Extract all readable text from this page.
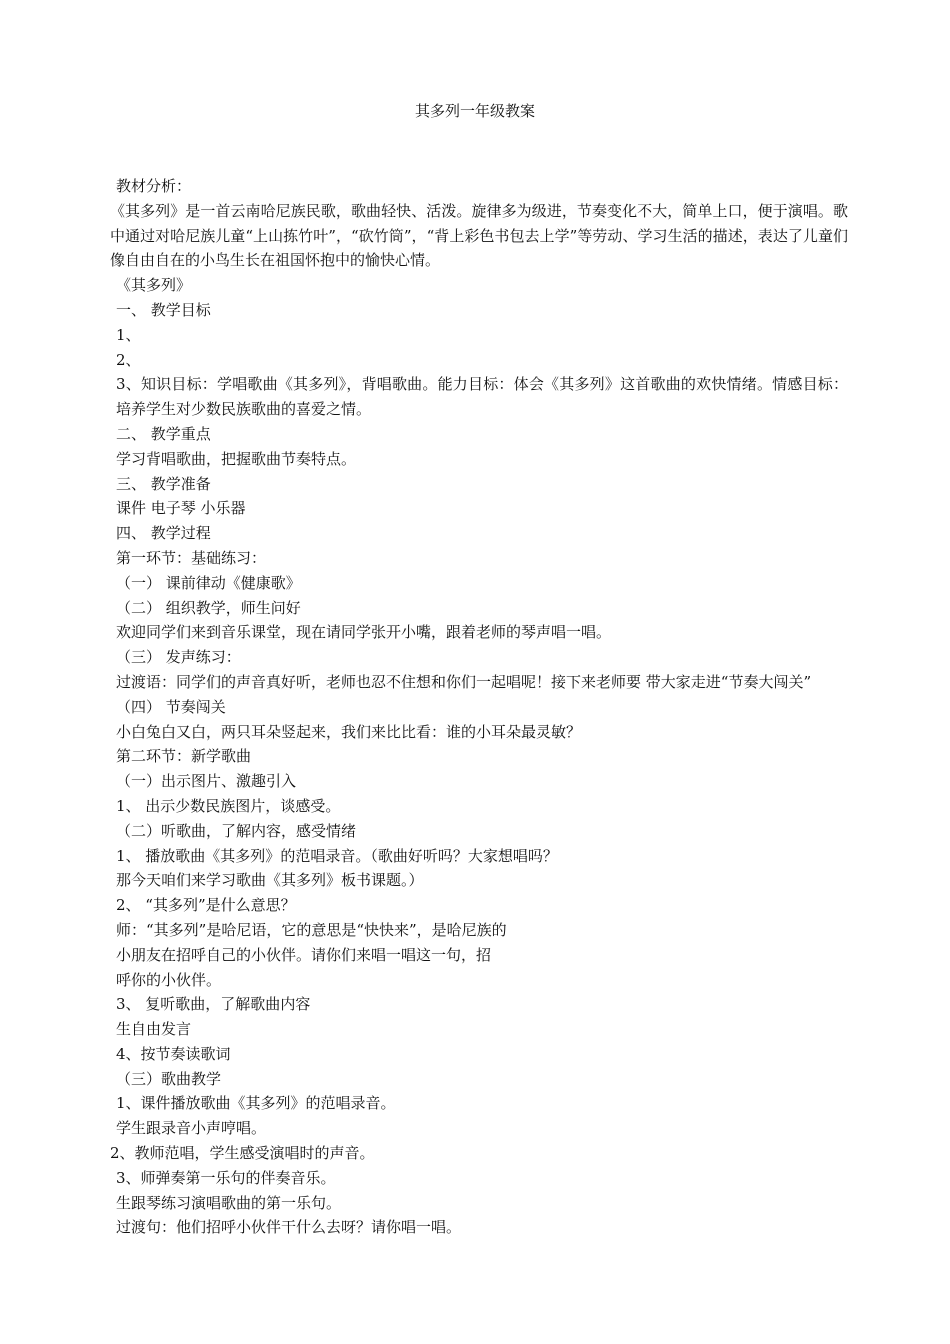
其多列一年级教案
教材分析：
《其多列》是一首云南哈尼族民歌，歌曲轻快、活泼。旋律多为级进，节奏变化不大，简单上口，便于演唱。歌中通过对哈尼族儿童“上山拣竹叶”，“砍竹筒”，“背上彩色书包去上学”等劳动、学习生活的描述，表达了儿童们像自由自在的小鸟生长在祖国怀抱中的愉快心情。
《其多列》
一、 教学目标
1、
2、
3、知识目标：学唱歌曲《其多列》，背唱歌曲。能力目标：体会《其多列》这首歌曲的欢快情绪。情感目标：培养学生对少数民族歌曲的喜爱之情。
二、 教学重点
学习背唱歌曲，把握歌曲节奏特点。
三、 教学准备
课件 电子琴 小乐器
四、 教学过程
第一环节：基础练习：
（一） 课前律动《健康歌》
（二） 组织教学，师生问好
欢迎同学们来到音乐课堂，现在请同学张开小嘴，跟着老师的琴声唱一唱。
（三） 发声练习：
过渡语：同学们的声音真好听，老师也忍不住想和你们一起唱呢！接下来老师要 带大家走进“节奏大闯关”
（四） 节奏闯关
小白兔白又白，两只耳朵竖起来，我们来比比看：谁的小耳朵最灵敏？
第二环节：新学歌曲
（一）出示图片、激趣引入
1、 出示少数民族图片，谈感受。
（二）听歌曲，了解内容，感受情绪
1、 播放歌曲《其多列》的范唱录音。（歌曲好听吗？大家想唱吗？
那今天咱们来学习歌曲《其多列》板书课题。）
2、 “其多列”是什么意思？
师：“其多列”是哈尼语，它的意思是“快快来”，是哈尼族的
小朋友在招呼自己的小伙伴。请你们来唱一唱这一句，招
呼你的小伙伴。
3、 复听歌曲，了解歌曲内容
生自由发言
4、按节奏读歌词
（三）歌曲教学
1、课件播放歌曲《其多列》的范唱录音。
学生跟录音小声哼唱。
2、教师范唱，学生感受演唱时的声音。
3、师弹奏第一乐句的伴奏音乐。
生跟琴练习演唱歌曲的第一乐句。
过渡句：他们招呼小伙伴干什么去呀？请你唱一唱。
